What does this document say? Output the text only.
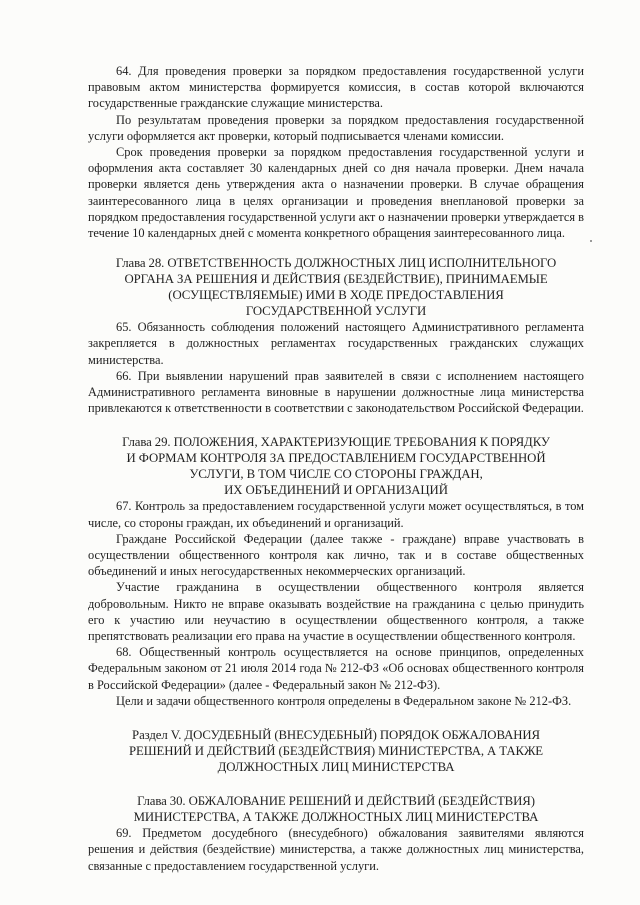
64. Для проведения проверки за порядком предоставления государственной услуги правовым актом министерства формируется комиссия, в состав которой включаются государственные гражданские служащие министерства.

По результатам проведения проверки за порядком предоставления государственной услуги оформляется акт проверки, который подписывается членами комиссии.

Срок проведения проверки за порядком предоставления государственной услуги и оформления акта составляет 30 календарных дней со дня начала проверки. Днем начала проверки является день утверждения акта о назначении проверки. В случае обращения заинтересованного лица в целях организации и проведения внеплановой проверки за порядком предоставления государственной услуги акт о назначении проверки утверждается в течение 10 календарных дней с момента конкретного обращения заинтересованного лица.

Глава 28. ОТВЕТСТВЕННОСТЬ ДОЛЖНОСТНЫХ ЛИЦ ИСПОЛНИТЕЛЬНОГО
ОРГАНА ЗА РЕШЕНИЯ И ДЕЙСТВИЯ (БЕЗДЕЙСТВИЕ), ПРИНИМАЕМЫЕ
(ОСУЩЕСТВЛЯЕМЫЕ) ИМИ В ХОДЕ ПРЕДОСТАВЛЕНИЯ
ГОСУДАРСТВЕННОЙ УСЛУГИ

65. Обязанность соблюдения положений настоящего Административного регламента закрепляется в должностных регламентах государственных гражданских служащих министерства.

66. При выявлении нарушений прав заявителей в связи с исполнением настоящего Административного регламента виновные в нарушении должностные лица министерства привлекаются к ответственности в соответствии с законодательством Российской Федерации.

Глава 29. ПОЛОЖЕНИЯ, ХАРАКТЕРИЗУЮЩИЕ ТРЕБОВАНИЯ К ПОРЯДКУ
И ФОРМАМ КОНТРОЛЯ ЗА ПРЕДОСТАВЛЕНИЕМ ГОСУДАРСТВЕННОЙ
УСЛУГИ, В ТОМ ЧИСЛЕ СО СТОРОНЫ ГРАЖДАН,
ИХ ОБЪЕДИНЕНИЙ И ОРГАНИЗАЦИЙ

67. Контроль за предоставлением государственной услуги может осуществляться, в том числе, со стороны граждан, их объединений и организаций.

Граждане Российской Федерации (далее также - граждане) вправе участвовать в осуществлении общественного контроля как лично, так и в составе общественных объединений и иных негосударственных некоммерческих организаций.

Участие гражданина в осуществлении общественного контроля является добровольным. Никто не вправе оказывать воздействие на гражданина с целью принудить его к участию или неучастию в осуществлении общественного контроля, а также препятствовать реализации его права на участие в осуществлении общественного контроля.

68. Общественный контроль осуществляется на основе принципов, определенных Федеральным законом от 21 июля 2014 года № 212-ФЗ «Об основах общественного контроля в Российской Федерации» (далее - Федеральный закон № 212-ФЗ).

Цели и задачи общественного контроля определены в Федеральном законе № 212-ФЗ.

Раздел V. ДОСУДЕБНЫЙ (ВНЕСУДЕБНЫЙ) ПОРЯДОК ОБЖАЛОВАНИЯ
РЕШЕНИЙ И ДЕЙСТВИЙ (БЕЗДЕЙСТВИЯ) МИНИСТЕРСТВА, А ТАКЖЕ
ДОЛЖНОСТНЫХ ЛИЦ МИНИСТЕРСТВА
Глава 30. ОБЖАЛОВАНИЕ РЕШЕНИЙ И ДЕЙСТВИЙ (БЕЗДЕЙСТВИЯ)
МИНИСТЕРСТВА, А ТАКЖЕ ДОЛЖНОСТНЫХ ЛИЦ МИНИСТЕРСТВА

69. Предметом досудебного (внесудебного) обжалования заявителями являются решения и действия (бездействие) министерства, а также должностных лиц министерства, связанные с предоставлением государственной услуги.
